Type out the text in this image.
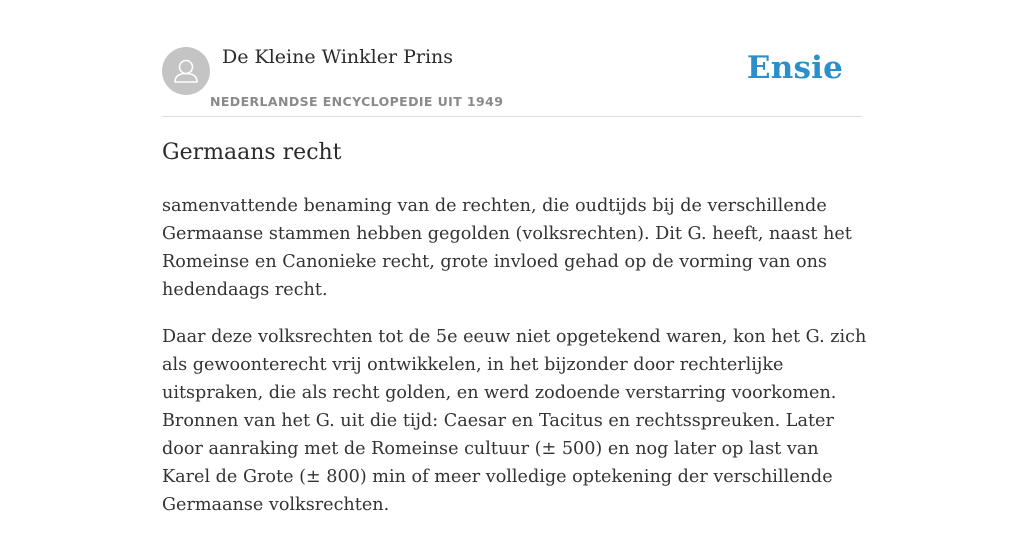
De Kleine Winkler Prins
NEDERLANDSE ENCYCLOPEDIE UIT 1949
Ensie
Germaans recht

samenvattende benaming van de rechten, die oudtijds bij de verschillende Germaanse stammen hebben gegolden (volksrechten). Dit G. heeft, naast het Romeinse en Canonieke recht, grote invloed gehad op de vorming van ons hedendaags recht.

Daar deze volksrechten tot de 5e eeuw niet opgetekend waren, kon het G. zich als gewoonterecht vrij ontwikkelen, in het bijzonder door rechterlijke uitspraken, die als recht golden, en werd zodoende verstarring voorkomen. Bronnen van het G. uit die tijd: Caesar en Tacitus en rechtsspreuken. Later door aanraking met de Romeinse cultuur (± 500) en nog later op last van Karel de Grote (± 800) min of meer volledige optekening der verschillende Germaanse volksrechten.
